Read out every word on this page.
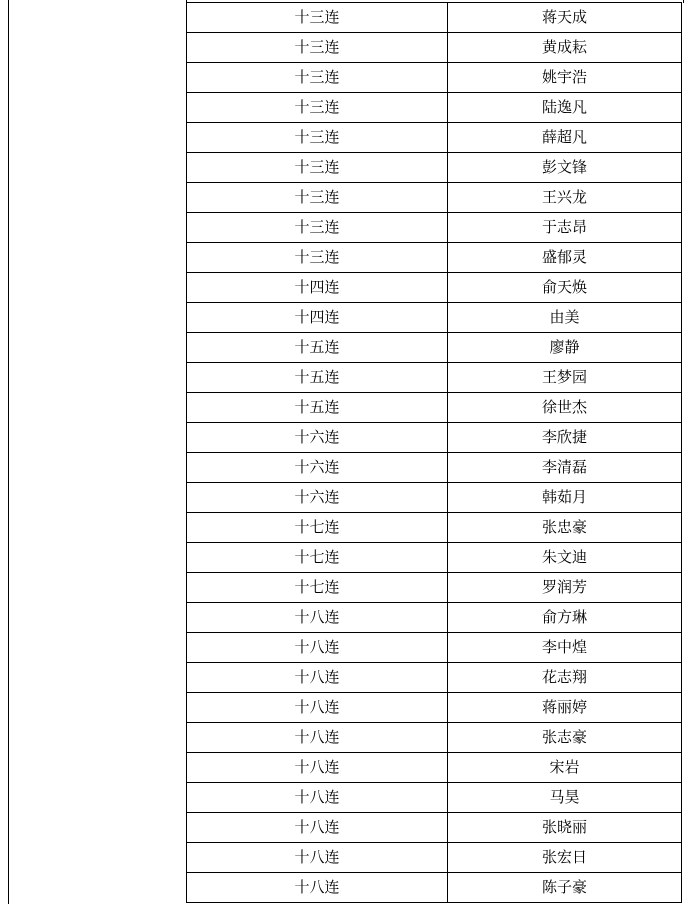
十三连	蒋天成
十三连	黄成耘
十三连	姚宇浩
十三连	陆逸凡
十三连	薛超凡
十三连	彭文锋
十三连	王兴龙
十三连	于志昂
十三连	盛郁灵
十四连	俞天焕
十四连	由美
十五连	廖静
十五连	王梦园
十五连	徐世杰
十六连	李欣捷
十六连	李清磊
十六连	韩茹月
十七连	张忠豪
十七连	朱文迪
十七连	罗润芳
十八连	俞方琳
十八连	李中煌
十八连	花志翔
十八连	蒋丽婷
十八连	张志豪
十八连	宋岩
十八连	马昊
十八连	张晓丽
十八连	张宏日
十八连	陈子豪
